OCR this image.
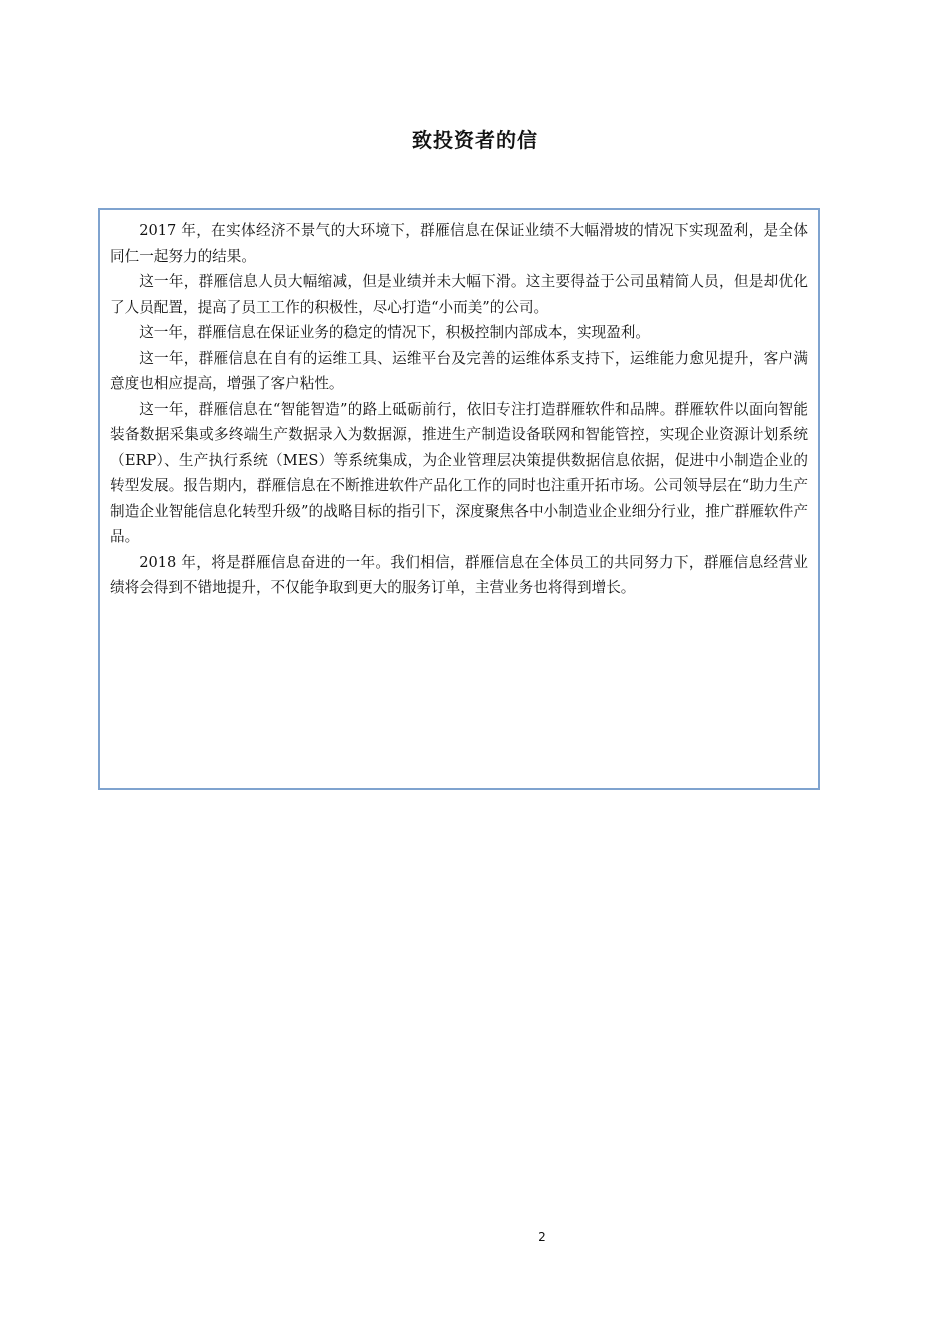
致投资者的信

2017 年，在实体经济不景气的大环境下，群雁信息在保证业绩不大幅滑坡的情况下实现盈利，是全体同仁一起努力的结果。

这一年，群雁信息人员大幅缩减，但是业绩并未大幅下滑。这主要得益于公司虽精简人员，但是却优化了人员配置，提高了员工工作的积极性，尽心打造“小而美”的公司。

这一年，群雁信息在保证业务的稳定的情况下，积极控制内部成本，实现盈利。

这一年，群雁信息在自有的运维工具、运维平台及完善的运维体系支持下，运维能力愈见提升，客户满意度也相应提高，增强了客户粘性。

这一年，群雁信息在“智能智造”的路上砥砺前行，依旧专注打造群雁软件和品牌。群雁软件以面向智能装备数据采集或多终端生产数据录入为数据源，推进生产制造设备联网和智能管控，实现企业资源计划系统（ERP）、生产执行系统（MES）等系统集成，为企业管理层决策提供数据信息依据，促进中小制造企业的转型发展。报告期内，群雁信息在不断推进软件产品化工作的同时也注重开拓市场。公司领导层在“助力生产制造企业智能信息化转型升级”的战略目标的指引下，深度聚焦各中小制造业企业细分行业，推广群雁软件产品。

2018 年，将是群雁信息奋进的一年。我们相信，群雁信息在全体员工的共同努力下，群雁信息经营业绩将会得到不错地提升，不仅能争取到更大的服务订单，主营业务也将得到增长。

2
